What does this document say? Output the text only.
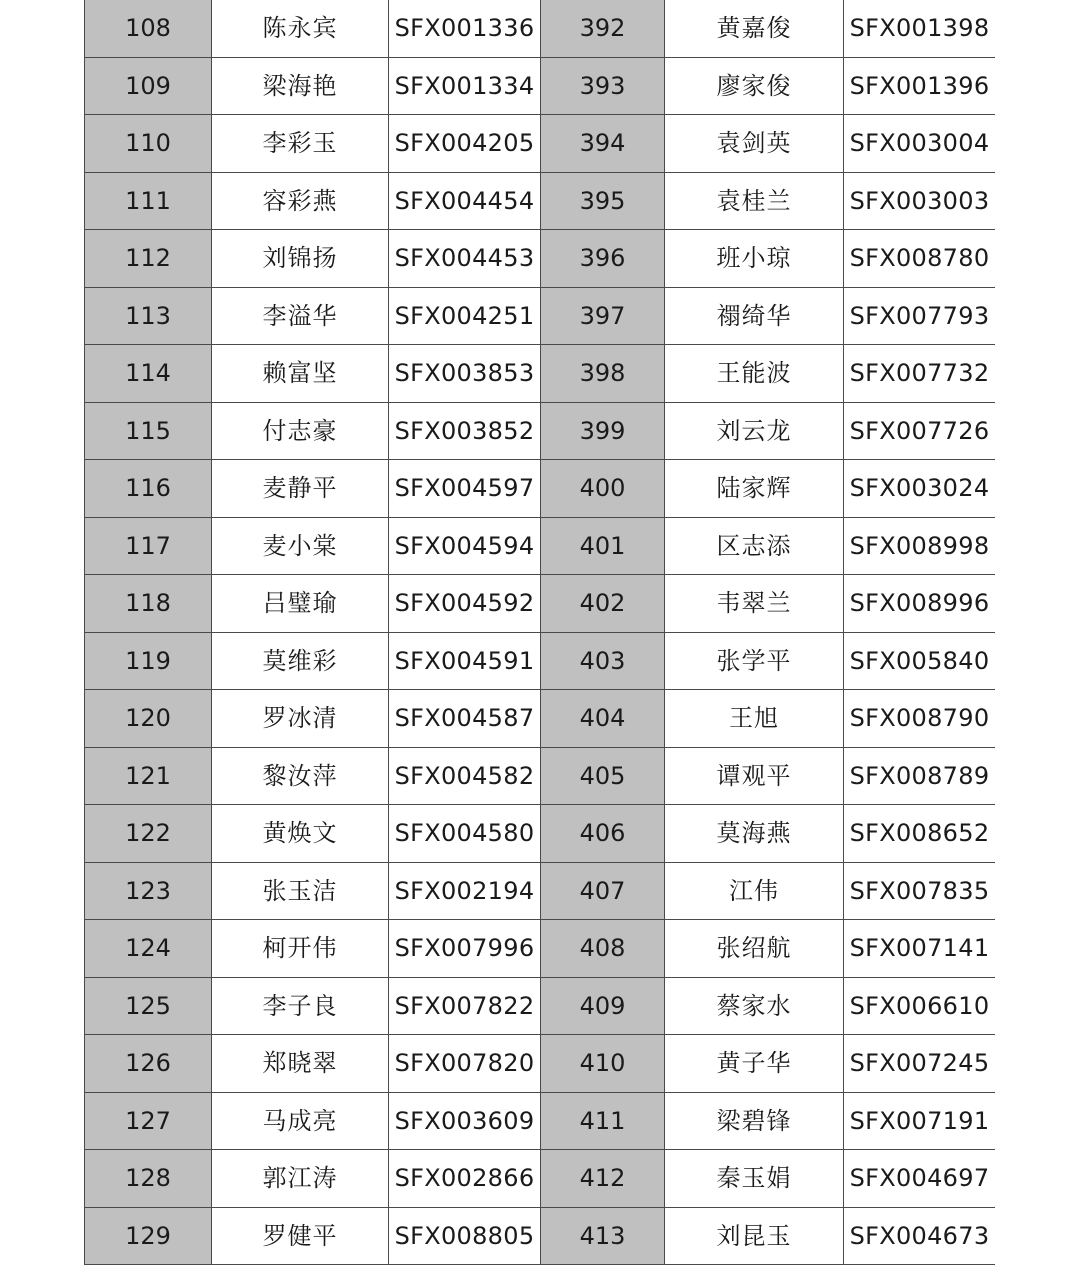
108	陈永宾	SFX001336	392	黄嘉俊	SFX001398
109	梁海艳	SFX001334	393	廖家俊	SFX001396
110	李彩玉	SFX004205	394	袁剑英	SFX003004
111	容彩燕	SFX004454	395	袁桂兰	SFX003003
112	刘锦扬	SFX004453	396	班小琼	SFX008780
113	李溢华	SFX004251	397	禤绮华	SFX007793
114	赖富坚	SFX003853	398	王能波	SFX007732
115	付志豪	SFX003852	399	刘云龙	SFX007726
116	麦静平	SFX004597	400	陆家辉	SFX003024
117	麦小棠	SFX004594	401	区志添	SFX008998
118	吕璧瑜	SFX004592	402	韦翠兰	SFX008996
119	莫维彩	SFX004591	403	张学平	SFX005840
120	罗冰清	SFX004587	404	王旭	SFX008790
121	黎汝萍	SFX004582	405	谭观平	SFX008789
122	黄焕文	SFX004580	406	莫海燕	SFX008652
123	张玉洁	SFX002194	407	江伟	SFX007835
124	柯开伟	SFX007996	408	张绍航	SFX007141
125	李子良	SFX007822	409	蔡家水	SFX006610
126	郑晓翠	SFX007820	410	黄子华	SFX007245
127	马成亮	SFX003609	411	梁碧锋	SFX007191
128	郭江涛	SFX002866	412	秦玉娟	SFX004697
129	罗健平	SFX008805	413	刘昆玉	SFX004673
